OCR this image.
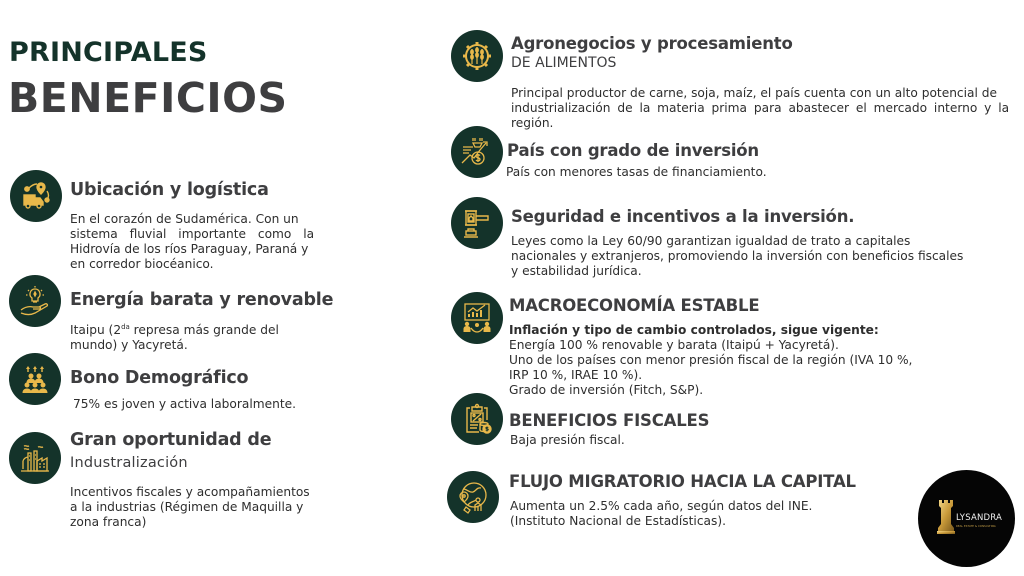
PRINCIPALES
BENEFICIOS
Ubicación y logística
En el corazón de Sudamérica. Con un
sistema fluvial importante como la
Hidrovía de los ríos Paraguay, Paraná y
en corredor biocéanico.
Energía barata y renovable
Itaipu ($2^{da}$ represa más grande del
mundo) y Yacyretá.
Bono Demográfico
75% es joven y activa laboralmente.
Gran oportunidad de
Industralización
Incentivos fiscales y acompañamientos
a la industrias (Régimen de Maquilla y
zona franca)
Agronegocios y procesamiento
DE ALIMENTOS
Principal productor de carne, soja, maíz, el país cuenta con un alto potencial de
industrialización de la materia prima para abastecer el mercado interno y la
región.
País con grado de inversión
País con menores tasas de financiamiento.
Seguridad e incentivos a la inversión.
Leyes como la Ley 60/90 garantizan igualdad de trato a capitales
nacionales y extranjeros, promoviendo la inversión con beneficios fiscales
y estabilidad jurídica.
MACROECONOMÍA ESTABLE
Inflación y tipo de cambio controlados, sigue vigente:
Energía 100 % renovable y barata (Itaipú + Yacyretá).
Uno de los países con menor presión fiscal de la región (IVA 10 %,
IRP 10 %, IRAE 10 %).
Grado de inversión (Fitch, S&P).
BENEFICIOS FISCALES
Baja presión fiscal.
FLUJO MIGRATORIO HACIA LA CAPITAL
Aumenta un 2.5% cada año, según datos del INE.
(Instituto Nacional de Estadísticas).	LYSANDRA
REAL ESTATE & CONSULTING
